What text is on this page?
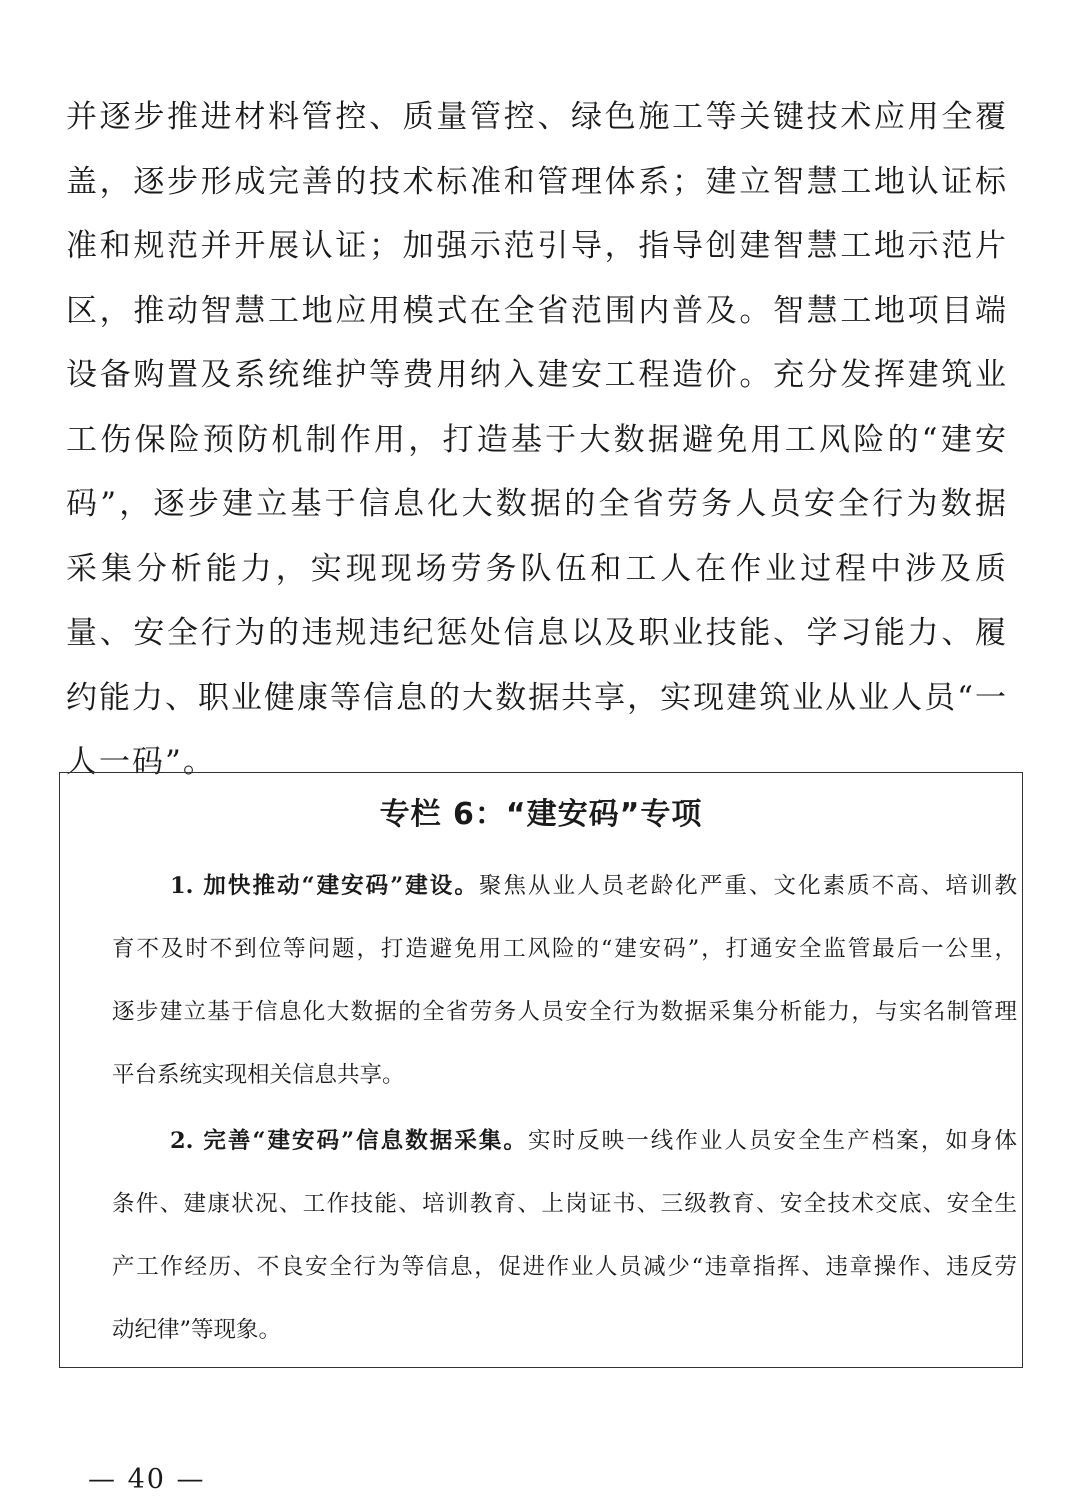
并逐步推进材料管控、质量管控、绿色施工等关键技术应用全覆
盖，逐步形成完善的技术标准和管理体系；建立智慧工地认证标
准和规范并开展认证；加强示范引导，指导创建智慧工地示范片
区，推动智慧工地应用模式在全省范围内普及。智慧工地项目端
设备购置及系统维护等费用纳入建安工程造价。充分发挥建筑业
工伤保险预防机制作用，打造基于大数据避免用工风险的“建安
码”，逐步建立基于信息化大数据的全省劳务人员安全行为数据
采集分析能力，实现现场劳务队伍和工人在作业过程中涉及质
量、安全行为的违规违纪惩处信息以及职业技能、学习能力、履
约能力、职业健康等信息的大数据共享，实现建筑业从业人员“一
人一码”。
专栏 6：“建安码”专项
1. 加快推动“建安码”建设。聚焦从业人员老龄化严重、文化素质不高、培训教
育不及时不到位等问题，打造避免用工风险的“建安码”，打通安全监管最后一公里，
逐步建立基于信息化大数据的全省劳务人员安全行为数据采集分析能力，与实名制管理
平台系统实现相关信息共享。
2. 完善“建安码”信息数据采集。实时反映一线作业人员安全生产档案，如身体
条件、建康状况、工作技能、培训教育、上岗证书、三级教育、安全技术交底、安全生
产工作经历、不良安全行为等信息，促进作业人员减少“违章指挥、违章操作、违反劳
动纪律”等现象。
— 40 —
